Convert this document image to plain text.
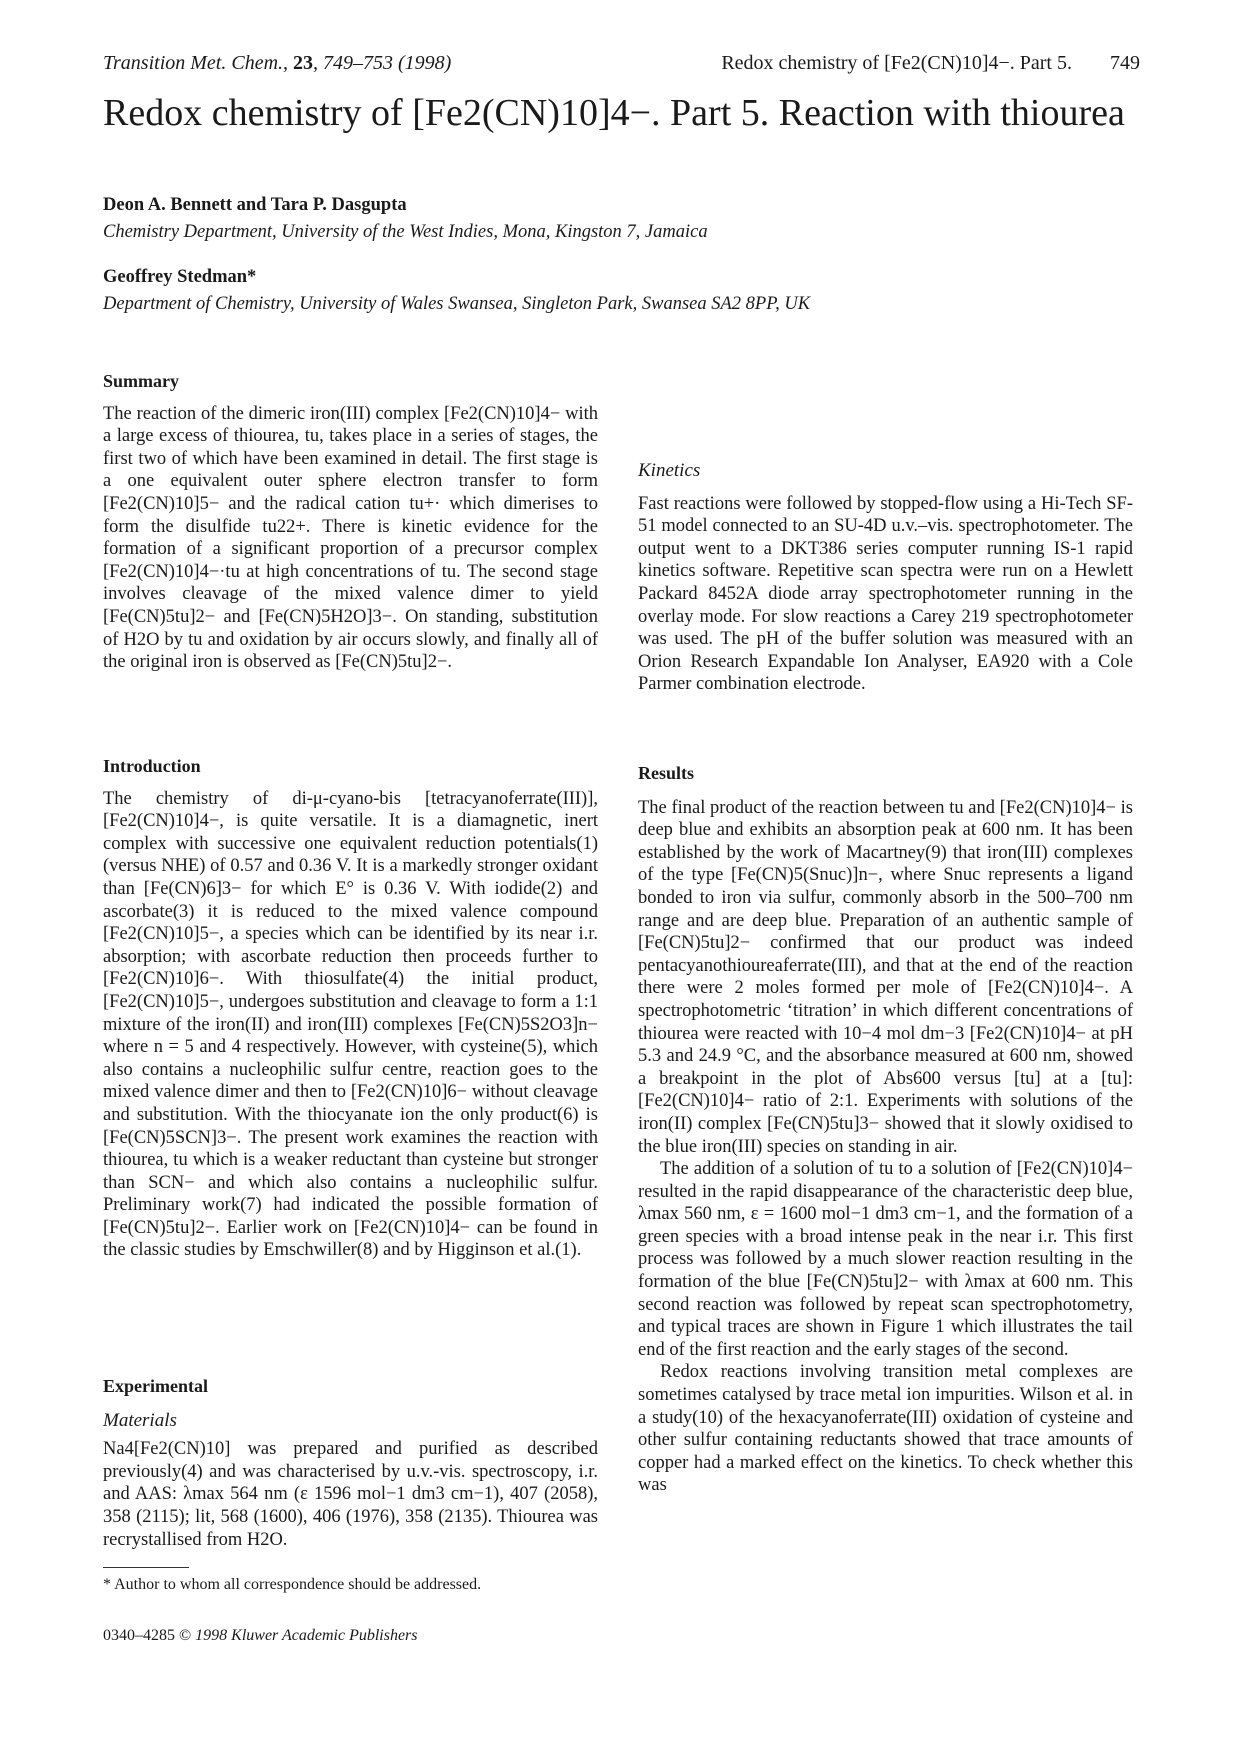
Transition Met. Chem., 23, 749–753 (1998)	Redox chemistry of [Fe2(CN)10]4−. Part 5. 749
Redox chemistry of [Fe2(CN)10]4−. Part 5. Reaction with thiourea
Deon A. Bennett and Tara P. Dasgupta
Chemistry Department, University of the West Indies, Mona, Kingston 7, Jamaica
Geoffrey Stedman*
Department of Chemistry, University of Wales Swansea, Singleton Park, Swansea SA2 8PP, UK
Summary

The reaction of the dimeric iron(III) complex [Fe2(CN)10]4− with a large excess of thiourea, tu, takes place in a series of stages, the first two of which have been examined in detail. The first stage is a one equivalent outer sphere electron transfer to form [Fe2(CN)10]5− and the radical cation tu+· which dimerises to form the disulfide tu22+. There is kinetic evidence for the formation of a significant proportion of a precursor complex [Fe2(CN)10]4−·tu at high concentrations of tu. The second stage involves cleavage of the mixed valence dimer to yield [Fe(CN)5tu]2− and [Fe(CN)5H2O]3−. On standing, substitution of H2O by tu and oxidation by air occurs slowly, and finally all of the original iron is observed as [Fe(CN)5tu]2−.

Introduction

The chemistry of di-μ-cyano-bis [tetracyanoferrate(III)], [Fe2(CN)10]4−, is quite versatile. It is a diamagnetic, inert complex with successive one equivalent reduction potentials(1) (versus NHE) of 0.57 and 0.36 V. It is a markedly stronger oxidant than [Fe(CN)6]3− for which E° is 0.36 V. With iodide(2) and ascorbate(3) it is reduced to the mixed valence compound [Fe2(CN)10]5−, a species which can be identified by its near i.r. absorption; with ascorbate reduction then proceeds further to [Fe2(CN)10]6−. With thiosulfate(4) the initial product, [Fe2(CN)10]5−, undergoes substitution and cleavage to form a 1:1 mixture of the iron(II) and iron(III) complexes [Fe(CN)5S2O3]n− where n = 5 and 4 respectively. However, with cysteine(5), which also contains a nucleophilic sulfur centre, reaction goes to the mixed valence dimer and then to [Fe2(CN)10]6− without cleavage and substitution. With the thiocyanate ion the only product(6) is [Fe(CN)5SCN]3−. The present work examines the reaction with thiourea, tu which is a weaker reductant than cysteine but stronger than SCN− and which also contains a nucleophilic sulfur. Preliminary work(7) had indicated the possible formation of [Fe(CN)5tu]2−. Earlier work on [Fe2(CN)10]4− can be found in the classic studies by Emschwiller(8) and by Higginson et al.(1).

Experimental
Materials

Na4[Fe2(CN)10] was prepared and purified as described previously(4) and was characterised by u.v.-vis. spectroscopy, i.r. and AAS: λmax 564 nm (ε 1596 mol−1 dm3 cm−1), 407 (2058), 358 (2115); lit, 568 (1600), 406 (1976), 358 (2135). Thiourea was recrystallised from H2O.

Kinetics

Fast reactions were followed by stopped-flow using a Hi-Tech SF-51 model connected to an SU-4D u.v.–vis. spectrophotometer. The output went to a DKT386 series computer running IS-1 rapid kinetics software. Repetitive scan spectra were run on a Hewlett Packard 8452A diode array spectrophotometer running in the overlay mode. For slow reactions a Carey 219 spectrophotometer was used. The pH of the buffer solution was measured with an Orion Research Expandable Ion Analyser, EA920 with a Cole Parmer combination electrode.

Results

The final product of the reaction between tu and [Fe2(CN)10]4− is deep blue and exhibits an absorption peak at 600 nm. It has been established by the work of Macartney(9) that iron(III) complexes of the type [Fe(CN)5(Snuc)]n−, where Snuc represents a ligand bonded to iron via sulfur, commonly absorb in the 500–700 nm range and are deep blue. Preparation of an authentic sample of [Fe(CN)5tu]2− confirmed that our product was indeed pentacyanothioureaferrate(III), and that at the end of the reaction there were 2 moles formed per mole of [Fe2(CN)10]4−. A spectrophotometric ‘titration’ in which different concentrations of thiourea were reacted with 10−4 mol dm−3 [Fe2(CN)10]4− at pH 5.3 and 24.9 °C, and the absorbance measured at 600 nm, showed a breakpoint in the plot of Abs600 versus [tu] at a [tu]:[Fe2(CN)10]4− ratio of 2:1. Experiments with solutions of the iron(II) complex [Fe(CN)5tu]3− showed that it slowly oxidised to the blue iron(III) species on standing in air.

The addition of a solution of tu to a solution of [Fe2(CN)10]4− resulted in the rapid disappearance of the characteristic deep blue, λmax 560 nm, ε = 1600 mol−1 dm3 cm−1, and the formation of a green species with a broad intense peak in the near i.r. This first process was followed by a much slower reaction resulting in the formation of the blue [Fe(CN)5tu]2− with λmax at 600 nm. This second reaction was followed by repeat scan spectrophotometry, and typical traces are shown in Figure 1 which illustrates the tail end of the first reaction and the early stages of the second.

Redox reactions involving transition metal complexes are sometimes catalysed by trace metal ion impurities. Wilson et al. in a study(10) of the hexacyanoferrate(III) oxidation of cysteine and other sulfur containing reductants showed that trace amounts of copper had a marked effect on the kinetics. To check whether this was

* Author to whom all correspondence should be addressed.
0340–4285 © 1998 Kluwer Academic Publishers
